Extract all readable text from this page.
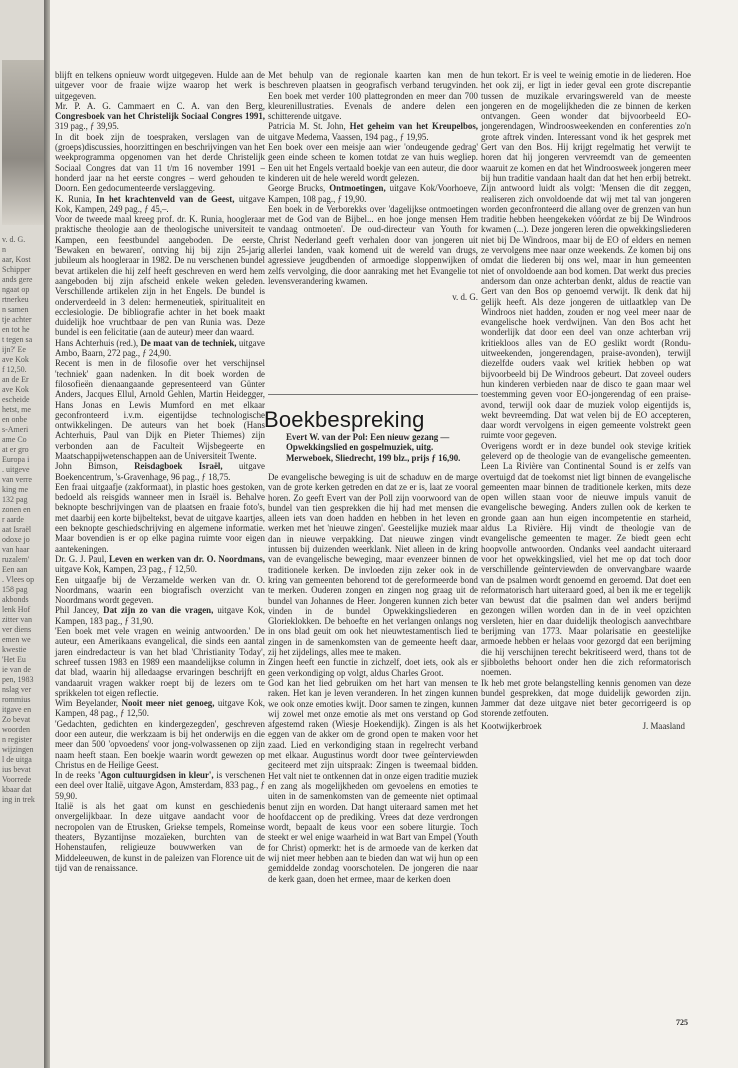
v. d. G.
n
aar, Kost
Schipper
ands gere
ngaat op
rtnerkeu
n samen
tje achter
en tot he
t tegen sa
ijn?' Ee
ave Kok
f 12,50.
an de Er
ave Kok
escheide
hetst, me
en onbe
s-Ameri
ame Co
at er gro
Europa i
. uitgeve
van verre
king me
132 pag
zonen en
r aarde
aat Israël
odoxe jo
van haar
ruzalem'
Een aan
. Vlees op
158 pag
akbonds
lenk Hof
zitter van
ver diens
emen we
kwestie
'Het Eu
ie van de
pen, 1983
nslag ver
rommius
itgave en
Zo bevat
woorden
n register
wijzingen
l de uitga
ius bevat
Voorrede
kbaar dat
ing in trek

blijft en telkens opnieuw wordt uitgegeven. Hulde aan de uitgever voor de fraaie wijze waarop het werk is uitgegeven.

Mr. P. A. G. Cammaert en C. A. van den Berg, Congresboek van het Christelijk Sociaal Congres 1991, 319 pag., ƒ 39,95.

In dit boek zijn de toespraken, verslagen van de (groeps)discussies, hoorzittingen en beschrijvingen van het weekprogramma opgenomen van het derde Christelijk Sociaal Congres dat van 11 t/m 16 november 1991 – honderd jaar na het eerste congres – werd gehouden te Doorn. Een gedocumenteerde verslaggeving.

K. Runia, In het krachtenveld van de Geest, uitgave Kok, Kampen, 249 pag., ƒ 45,–.

Voor de tweede maal kreeg prof. dr. K. Runia, hoogleraar praktische theologie aan de theologische universiteit te Kampen, een feestbundel aangeboden. De eerste, 'Bewaken en bewaren', ontving hij bij zijn 25-jarig jubileum als hoogleraar in 1982. De nu verschenen bundel bevat artikelen die hij zelf heeft geschreven en werd hem aangeboden bij zijn afscheid enkele weken geleden. Verschillende artikelen zijn in het Engels. De bundel is onderverdeeld in 3 delen: hermeneutiek, spiritualiteit en ecclesiologie. De bibliografie achter in het boek maakt duidelijk hoe vruchtbaar de pen van Runia was. Deze bundel is een felicitatie (aan de auteur) meer dan waard.

Hans Achterhuis (red.), De maat van de techniek, uitgave Ambo, Baarn, 272 pag., ƒ 24,90.

Recent is men in de filosofie over het verschijnsel 'techniek' gaan nadenken. In dit boek worden de filosofieën dienaangaande gepresenteerd van Günter Anders, Jacques Ellul, Arnold Gehlen, Martin Heidegger, Hans Jonas en Lewis Mumford en met elkaar geconfronteerd i.v.m. eigentijdse technologische ontwikkelingen. De auteurs van het boek (Hans Achterhuis, Paul van Dijk en Pieter Thiemes) zijn verbonden aan de Faculteit Wijsbegeerte en Maatschappijwetenschappen aan de Universiteit Twente.

John Bimson, Reisdagboek Israël, uitgave Boekencentrum, 's-Gravenhage, 96 pag., ƒ 18,75.

Een fraai uitgaafje (zakformaat), in plastic hoes gestoken, bedoeld als reisgids wanneer men in Israël is. Behalve beknopte beschrijvingen van de plaatsen en fraaie foto's, met daarbij een korte bijbeltekst, bevat de uitgave kaartjes, een beknopte geschiedschrijving en algemene informatie. Maar bovendien is er op elke pagina ruimte voor eigen aantekeningen.

Dr. G. J. Paul, Leven en werken van dr. O. Noordmans, uitgave Kok, Kampen, 23 pag., ƒ 12,50.

Een uitgaafje bij de Verzamelde werken van dr. O. Noordmans, waarin een biografisch overzicht van Noordmans wordt gegeven.

Phil Jancey, Dat zijn zo van die vragen, uitgave Kok, Kampen, 183 pag., ƒ 31,90.

'Een boek met vele vragen en weinig antwoorden.' De auteur, een Amerikaans evangelical, die sinds een aantal jaren eindredacteur is van het blad 'Christianity Today', schreef tussen 1983 en 1989 een maandelijkse column in dat blad, waarin hij alledaagse ervaringen beschrijft en vandaaruit vragen wakker roept bij de lezers om te sprikkelen tot eigen reflectie.

Wim Beyelander, Nooit meer niet genoeg, uitgave Kok, Kampen, 48 pag., ƒ 12,50.

'Gedachten, gedichten en kindergezegden', geschreven door een auteur, die werkzaam is bij het onderwijs en die meer dan 500 'opvoedens' voor jong-volwassenen op zijn naam heeft staan. Een boekje waarin wordt gewezen op Christus en de Heilige Geest.

In de reeks 'Agon cultuurgidsen in kleur', is verschenen een deel over Italië, uitgave Agon, Amsterdam, 833 pag., ƒ 59,90.

Italië is als het gaat om kunst en geschiedenis onvergelijkbaar. In deze uitgave aandacht voor de necropolen van de Etrusken, Griekse tempels, Romeinse theaters, Byzantijnse mozaïeken, burchten van de Hohenstaufen, religieuze bouwwerken van de Middeleeuwen, de kunst in de paleizen van Florence uit de tijd van de renaissance.

Met behulp van de regionale kaarten kan men de beschreven plaatsen in geografisch verband terugvinden. Een boek met verder 100 plattegronden en meer dan 700 kleurenillustraties. Evenals de andere delen een schitterende uitgave.

Patricia M. St. John, Het geheim van het Kreupelbos, uitgave Medema, Vaassen, 194 pag., ƒ 19,95.

Een boek over een meisje aan wier 'ondeugende gedrag' geen einde scheen te komen totdat ze van huis wegliep. Een uit het Engels vertaald boekje van een auteur, die door kinderen uit de hele wereld wordt gelezen.

George Brucks, Ontmoetingen, uitgave Kok/Voorhoeve, Kampen, 108 pag., ƒ 19,90.

Een boek in de Verborekks over 'dagelijkse ontmoetingen met de God van de Bijbel... en hoe jonge mensen Hem vandaag ontmoeten'. De oud-directeur van Youth for Christ Nederland geeft verhalen door van jongeren uit allerlei landen, vaak komend uit de wereld van drugs, agressieve jeugdbenden of armoedige sloppenwijken of zelfs vervolging, die door aanraking met het Evangelie tot levensverandering kwamen.

v. d. G.

Boekbespreking
Evert W. van der Pol: Een nieuw gezang — Opwekkingslied en gospelmuziek, uitg. Merweboek, Sliedrecht, 199 blz., prijs ƒ 16,90.

De evangelische beweging is uit de schaduw en de marge van de grote kerken getreden en dat ze er is, laat ze vooral horen. Zo geeft Evert van der Poll zijn voorwoord van de bundel van tien gesprekken die hij had met mensen die alleen iets van doen hadden en hebben in het leven en werken met het 'nieuwe zingen'. Geestelijke muziek maar dan in nieuwe verpakking. Dat nieuwe zingen vindt intussen bij duizenden weerklank. Niet alleen in de kring van de evangelische beweging, maar evenzeer binnen de traditionele kerken. De invloeden zijn zeker ook in de kring van gemeenten behorend tot de gereformeerde bond te merken. Ouderen zongen en zingen nog graag uit de bundel van Johannes de Heer. Jongeren kunnen zich beter vinden in de bundel Opwekkingsliederen en Glorieklokken. De behoefte en het verlangen onlangs nog in ons blad geuit om ook het nieuwtestamentisch lied te zingen in de samenkomsten van de gemeente heeft daar, zij het zijdelings, alles mee te maken.

Zingen heeft een functie in zichzelf, doet iets, ook als er geen verkondiging op volgt, aldus Charles Groot.

God kan het lied gebruiken om het hart van mensen te raken. Het kan je leven veranderen. In het zingen kunnen we ook onze emoties kwijt. Door samen te zingen, kunnen wij zowel met onze emotie als met ons verstand op God afgestemd raken (Wiesje Hoekendijk). Zingen is als het eggen van de akker om de grond open te maken voor het zaad. Lied en verkondiging staan in regelrecht verband met elkaar. Augustinus wordt door twee geïnterviewden geciteerd met zijn uitspraak: Zingen is tweemaal bidden. Het valt niet te ontkennen dat in onze eigen traditie muziek en zang als mogelijkheden om gevoelens en emoties te uiten in de samenkomsten van de gemeente niet optimaal benut zijn en worden. Dat hangt uiteraard samen met het hoofdaccent op de prediking. Vrees dat deze verdrongen wordt, bepaalt de keus voor een sobere liturgie. Toch steekt er wel enige waarheid in wat Bart van Empel (Youth for Christ) opmerkt: het is de armoede van de kerken dat wij niet meer hebben aan te bieden dan wat wij hun op een gemiddelde zondag voorschotelen. De jongeren die naar de kerk gaan, doen het ermee, maar de kerken doen

hun tekort. Er is veel te weinig emotie in de liederen. Hoe het ook zij, er ligt in ieder geval een grote discrepantie tussen de muzikale ervaringswereld van de meeste jongeren en de mogelijkheden die ze binnen de kerken ontvangen. Geen wonder dat bijvoorbeeld EO-jongerendagen, Windroosweekenden en conferenties zo'n grote aftrek vinden. Interessant vond ik het gesprek met Gert van den Bos. Hij krijgt regelmatig het verwijt te horen dat hij jongeren vervreemdt van de gemeenten waaruit ze komen en dat het Windroosweek jongeren meer bij hun traditie vandaan haalt dan dat het hen erbij betrekt. Zijn antwoord luidt als volgt: 'Mensen die dit zeggen, realiseren zich onvoldoende dat wij met tal van jongeren worden geconfronteerd die allang over de grenzen van hun traditie hebben heengekeken vóórdat ze bij De Windroos kwamen (...). Deze jongeren leren die opwekkingsliederen niet bij De Windroos, maar bij de EO of elders en nemen ze vervolgens mee naar onze weekends. Ze komen bij ons omdat die liederen bij ons wel, maar in hun gemeenten niet of onvoldoende aan bod komen. Dat werkt dus precies andersom dan onze achterban denkt, aldus de reactie van Gert van den Bos op genoemd verwijt. Ik denk dat hij gelijk heeft. Als deze jongeren de uitlaatklep van De Windroos niet hadden, zouden er nog veel meer naar de evangelische hoek verdwijnen. Van den Bos acht het wonderlijk dat door een deel van onze achterban vrij kritiekloos alles van de EO geslikt wordt (Rondu-uitweekenden, jongerendagen, praise-avonden), terwijl diezelfde ouders vaak wel kritiek hebben op wat bijvoorbeeld bij De Windroos gebeurt. Dat zoveel ouders hun kinderen verbieden naar de disco te gaan maar wel toestemming geven voor EO-jongerendag of een praise-avond, terwijl ook daar de muziek volop eigentijds is, wekt bevreemding. Dat wat velen bij de EO accepteren, daar wordt vervolgens in eigen gemeente volstrekt geen ruimte voor gegeven.

Overigens wordt er in deze bundel ook stevige kritiek geleverd op de theologie van de evangelische gemeenten. Leen La Rivière van Continental Sound is er zelfs van overtuigd dat de toekomst niet ligt binnen de evangelische gemeenten maar binnen de traditionele kerken, mits deze open willen staan voor de nieuwe impuls vanuit de evangelische beweging. Anders zullen ook de kerken te gronde gaan aan hun eigen incompetentie en starheid, aldus La Rivière. Hij vindt de theologie van de evangelische gemeenten te mager. Ze biedt geen echt hoopvolle antwoorden. Ondanks veel aandacht uiteraard voor het opwekkingslied, viel het me op dat toch door verschillende geïnterviewden de onvervangbare waarde van de psalmen wordt genoemd en geroemd. Dat doet een reformatorisch hart uiteraard goed, al ben ik me er tegelijk van bewust dat die psalmen dan wel anders berijmd gezongen willen worden dan in de in veel opzichten versleten, hier en daar duidelijk theologisch aanvechtbare berijming van 1773. Maar polarisatie en geestelijke armoede hebben er helaas voor gezorgd dat een berijming die hij verschijnen terecht bekritiseerd werd, thans tot de sjibboleths behoort onder hen die zich reformatorisch noemen.

Ik heb met grote belangstelling kennis genomen van deze bundel gesprekken, dat moge duidelijk geworden zijn. Jammer dat deze uitgave niet beter gecorrigeerd is op storende zetfouten.

Kootwijkerbroek	J. Maasland

725
